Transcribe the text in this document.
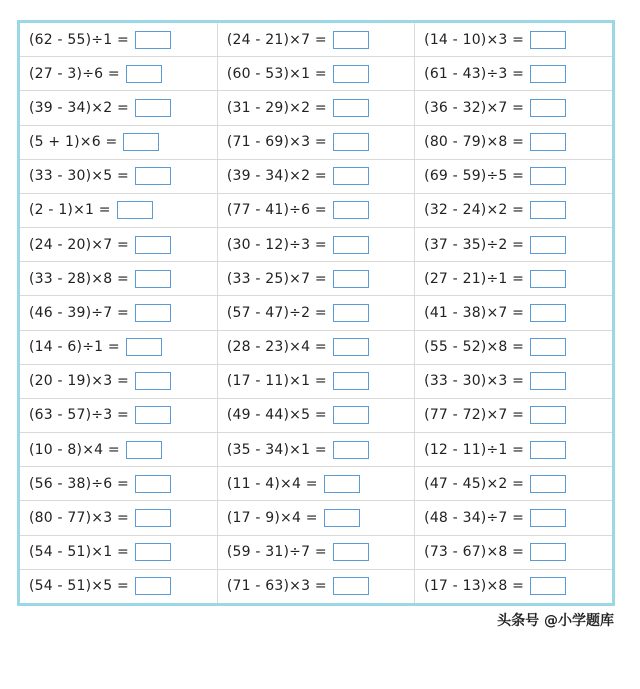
(62 - 55)÷1 =	(24 - 21)×7 =	(14 - 10)×3 =
(27 - 3)÷6 =	(60 - 53)×1 =	(61 - 43)÷3 =
(39 - 34)×2 =	(31 - 29)×2 =	(36 - 32)×7 =
(5 + 1)×6 =	(71 - 69)×3 =	(80 - 79)×8 =
(33 - 30)×5 =	(39 - 34)×2 =	(69 - 59)÷5 =
(2 - 1)×1 =	(77 - 41)÷6 =	(32 - 24)×2 =
(24 - 20)×7 =	(30 - 12)÷3 =	(37 - 35)÷2 =
(33 - 28)×8 =	(33 - 25)×7 =	(27 - 21)÷1 =
(46 - 39)÷7 =	(57 - 47)÷2 =	(41 - 38)×7 =
(14 - 6)÷1 =	(28 - 23)×4 =	(55 - 52)×8 =
(20 - 19)×3 =	(17 - 11)×1 =	(33 - 30)×3 =
(63 - 57)÷3 =	(49 - 44)×5 =	(77 - 72)×7 =
(10 - 8)×4 =	(35 - 34)×1 =	(12 - 11)÷1 =
(56 - 38)÷6 =	(11 - 4)×4 =	(47 - 45)×2 =
(80 - 77)×3 =	(17 - 9)×4 =	(48 - 34)÷7 =
(54 - 51)×1 =	(59 - 31)÷7 =	(73 - 67)×8 =
(54 - 51)×5 =	(71 - 63)×3 =	(17 - 13)×8 =
头条号 @小学题库
